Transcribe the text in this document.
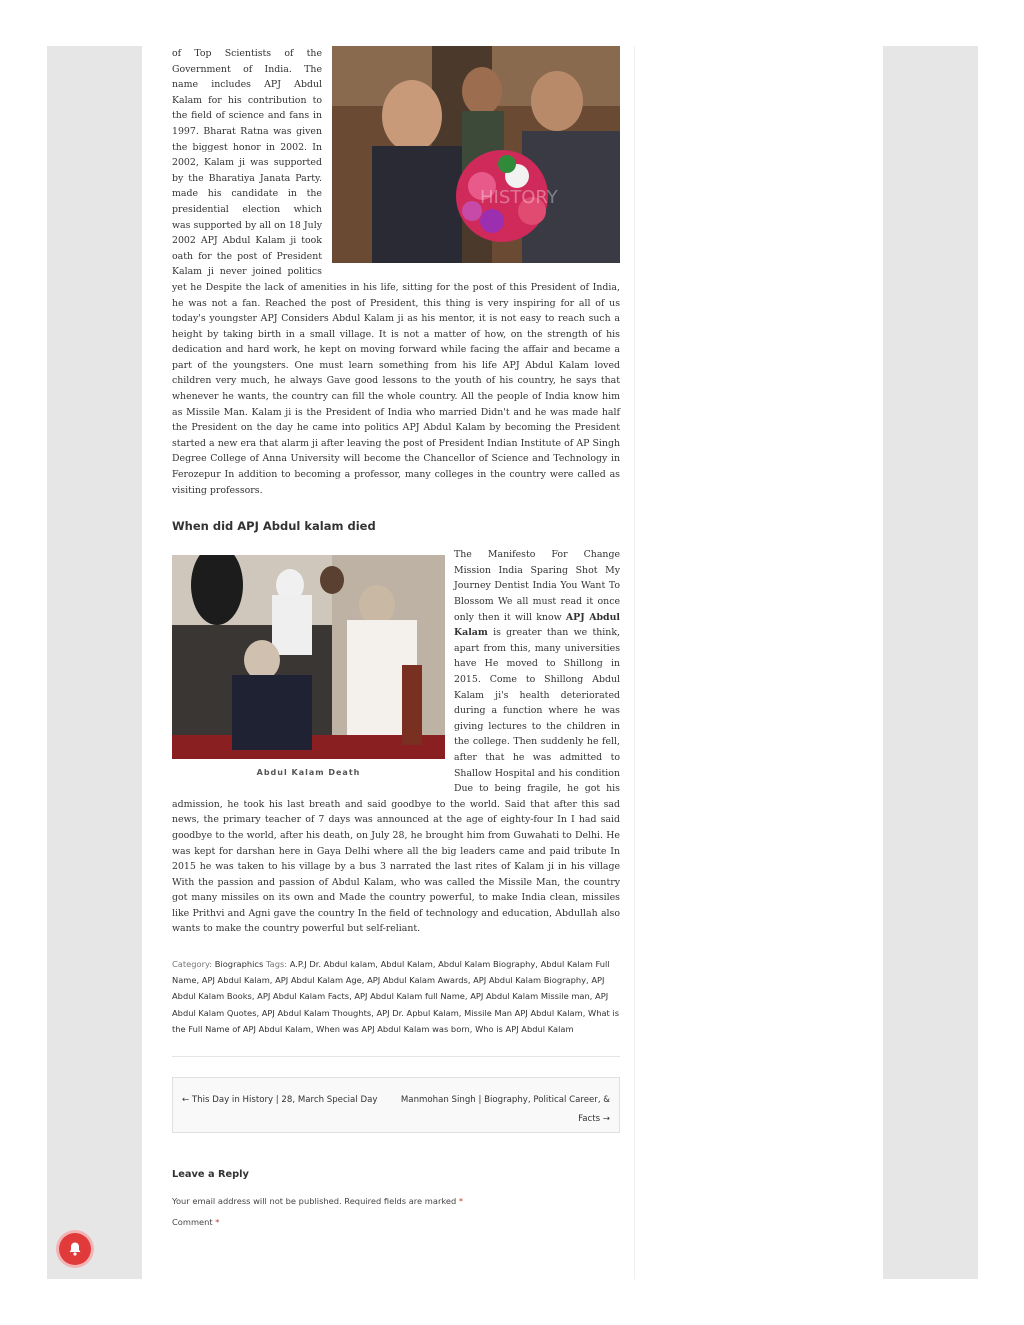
HISTORY

of Top Scientists of the Government of India. The name includes APJ Abdul Kalam for his contribution to the field of science and fans in 1997. Bharat Ratna was given the biggest honor in 2002. In 2002, Kalam ji was supported by the Bharatiya Janata Party. made his candidate in the presidential election which was supported by all on 18 July 2002 APJ Abdul Kalam ji took oath for the post of President Kalam ji never joined politics yet he Despite the lack of amenities in his life, sitting for the post of this President of India, he was not a fan. Reached the post of President, this thing is very inspiring for all of us today's youngster APJ Considers Abdul Kalam ji as his mentor, it is not easy to reach such a height by taking birth in a small village. It is not a matter of how, on the strength of his dedication and hard work, he kept on moving forward while facing the affair and became a part of the youngsters. One must learn something from his life APJ Abdul Kalam loved children very much, he always Gave good lessons to the youth of his country, he says that whenever he wants, the country can fill the whole country. All the people of India know him as Missile Man. Kalam ji is the President of India who married Didn't and he was made half the President on the day he came into politics APJ Abdul Kalam by becoming the President started a new era that alarm ji after leaving the post of President Indian Institute of AP Singh Degree College of Anna University will become the Chancellor of Science and Technology in Ferozepur In addition to becoming a professor, many colleges in the country were called as visiting professors.

When did APJ Abdul kalam died
Abdul Kalam Death

The Manifesto For Change Mission India Sparing Shot My Journey Dentist India You Want To Blossom We all must read it once only then it will know APJ Abdul Kalam is greater than we think, apart from this, many universities have He moved to Shillong in 2015. Come to Shillong Abdul Kalam ji's health deteriorated during a function where he was giving lectures to the children in the college. Then suddenly he fell, after that he was admitted to Shallow Hospital and his condition Due to being fragile, he got his admission, he took his last breath and said goodbye to the world. Said that after this sad news, the primary teacher of 7 days was announced at the age of eighty-four In I had said goodbye to the world, after his death, on July 28, he brought him from Guwahati to Delhi. He was kept for darshan here in Gaya Delhi where all the big leaders came and paid tribute In 2015 he was taken to his village by a bus 3 narrated the last rites of Kalam ji in his village With the passion and passion of Abdul Kalam, who was called the Missile Man, the country got many missiles on its own and Made the country powerful, to make India clean, missiles like Prithvi and Agni gave the country In the field of technology and education, Abdullah also wants to make the country powerful but self-reliant.

Category: Biographics Tags: A.P.J Dr. Abdul kalam, Abdul Kalam, Abdul Kalam Biography, Abdul Kalam Full Name, APJ Abdul Kalam, APJ Abdul Kalam Age, APJ Abdul Kalam Awards, APJ Abdul Kalam Biography, APJ Abdul Kalam Books, APJ Abdul Kalam Facts, APJ Abdul Kalam full Name, APJ Abdul Kalam Missile man, APJ Abdul Kalam Quotes, APJ Abdul Kalam Thoughts, APJ Dr. Apbul Kalam, Missile Man APJ Abdul Kalam, What is the Full Name of APJ Abdul Kalam, When was APJ Abdul Kalam was born, Who is APJ Abdul Kalam
← This Day in History | 28, March Special Day	Manmohan Singh | Biography, Political Career, & Facts →
Leave a Reply
Your email address will not be published. Required fields are marked *
Comment *
